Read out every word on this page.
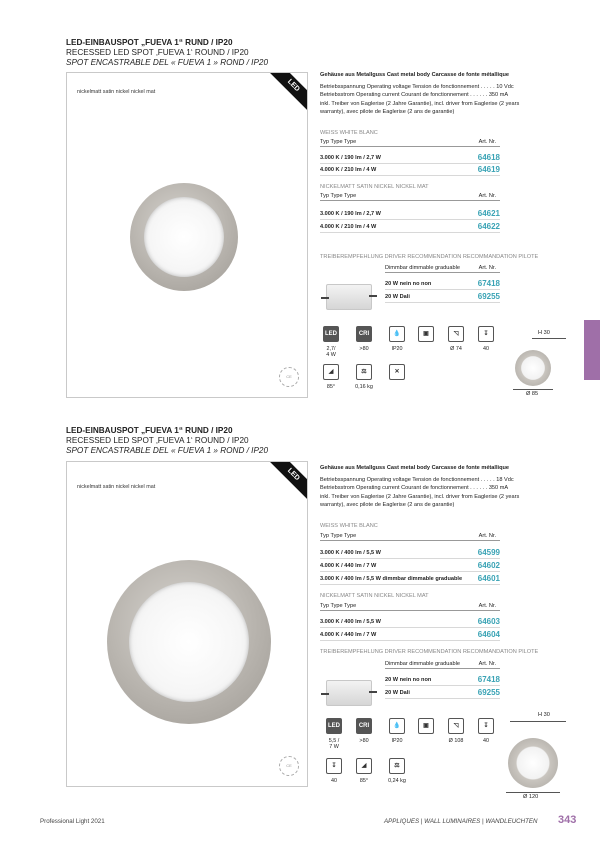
LED-EINBAUSPOT „FUEVA 1“ RUND / IP20
RECESSED LED SPOT ‚FUEVA 1‘ ROUND / IP20
SPOT ENCASTRABLE DEL « FUEVA 1 » ROND / IP20
nickelmatt satin nickel nickel mat	LED
CE
Gehäuse aus Metallguss Cast metal body Carcasse de fonte métallique
Betriebsspannung Operating voltage Tension de fonctionnement . . . . . 10 Vdc
Betriebsstrom Operating current Courant de fonctionnement . . . . . . 350 mA
inkl. Treiber von Eaglerise (2 Jahre Garantie), incl. driver from Eaglerise (2 years
warranty), avec pilote de Eaglerise (2 ans de garantie)
WEISS WHITE BLANC
Typ Type Type	Art. Nr.
3.000 K / 190 lm / 2,7 W	64618
4.000 K / 210 lm / 4 W	64619
NICKELMATT SATIN NICKEL NICKEL MAT
Typ Type Type	Art. Nr.
3.000 K / 190 lm / 2,7 W	64621
4.000 K / 210 lm / 4 W	64622
TREIBEREMPFEHLUNG DRIVER RECOMMENDATION RECOMMANDATION PILOTE
Dimmbar dimmable graduable	Art. Nr.
20 W nein no non	67418
20 W Dali	69255
LED	CRI	💧	▣	◹	↧
2,7/
4 W
>80	IP20	Ø 74	40
◢	⚖	✕
85°	0,16 kg
H 30
Ø 85
LED-EINBAUSPOT „FUEVA 1“ RUND / IP20
RECESSED LED SPOT ‚FUEVA 1‘ ROUND / IP20
SPOT ENCASTRABLE DEL « FUEVA 1 » ROND / IP20
nickelmatt satin nickel nickel mat
LED
CE
Gehäuse aus Metallguss Cast metal body Carcasse de fonte métallique
Betriebsspannung Operating voltage Tension de fonctionnement . . . . . 18 Vdc
Betriebsstrom Operating current Courant de fonctionnement . . . . . . 350 mA
inkl. Treiber von Eaglerise (2 Jahre Garantie), incl. driver from Eaglerise (2 years
warranty), avec pilote de Eaglerise (2 ans de garantie)
WEISS WHITE BLANC
Typ Type Type	Art. Nr.
3.000 K / 400 lm / 5,5 W	64599
4.000 K / 440 lm / 7 W	64602
3.000 K / 400 lm / 5,5 W dimmbar dimmable graduable 64601
NICKELMATT SATIN NICKEL NICKEL MAT
Typ Type Type	Art. Nr.
3.000 K / 400 lm / 5,5 W	64603
4.000 K / 440 lm / 7 W	64604
TREIBEREMPFEHLUNG DRIVER RECOMMENDATION RECOMMANDATION PILOTE
Dimmbar dimmable graduable	Art. Nr.
20 W nein no non	67418
20 W Dali	69255
LED	CRI	💧	▣	◹	↧
5,5 /
7 W
>80	IP20	Ø 108	40
↧	◢	⚖
40	85°	0,24 kg
H 30
Ø 120
Professional Light 2021	APPLIQUES | WALL LUMINAIRES | WANDLEUCHTEN 343
